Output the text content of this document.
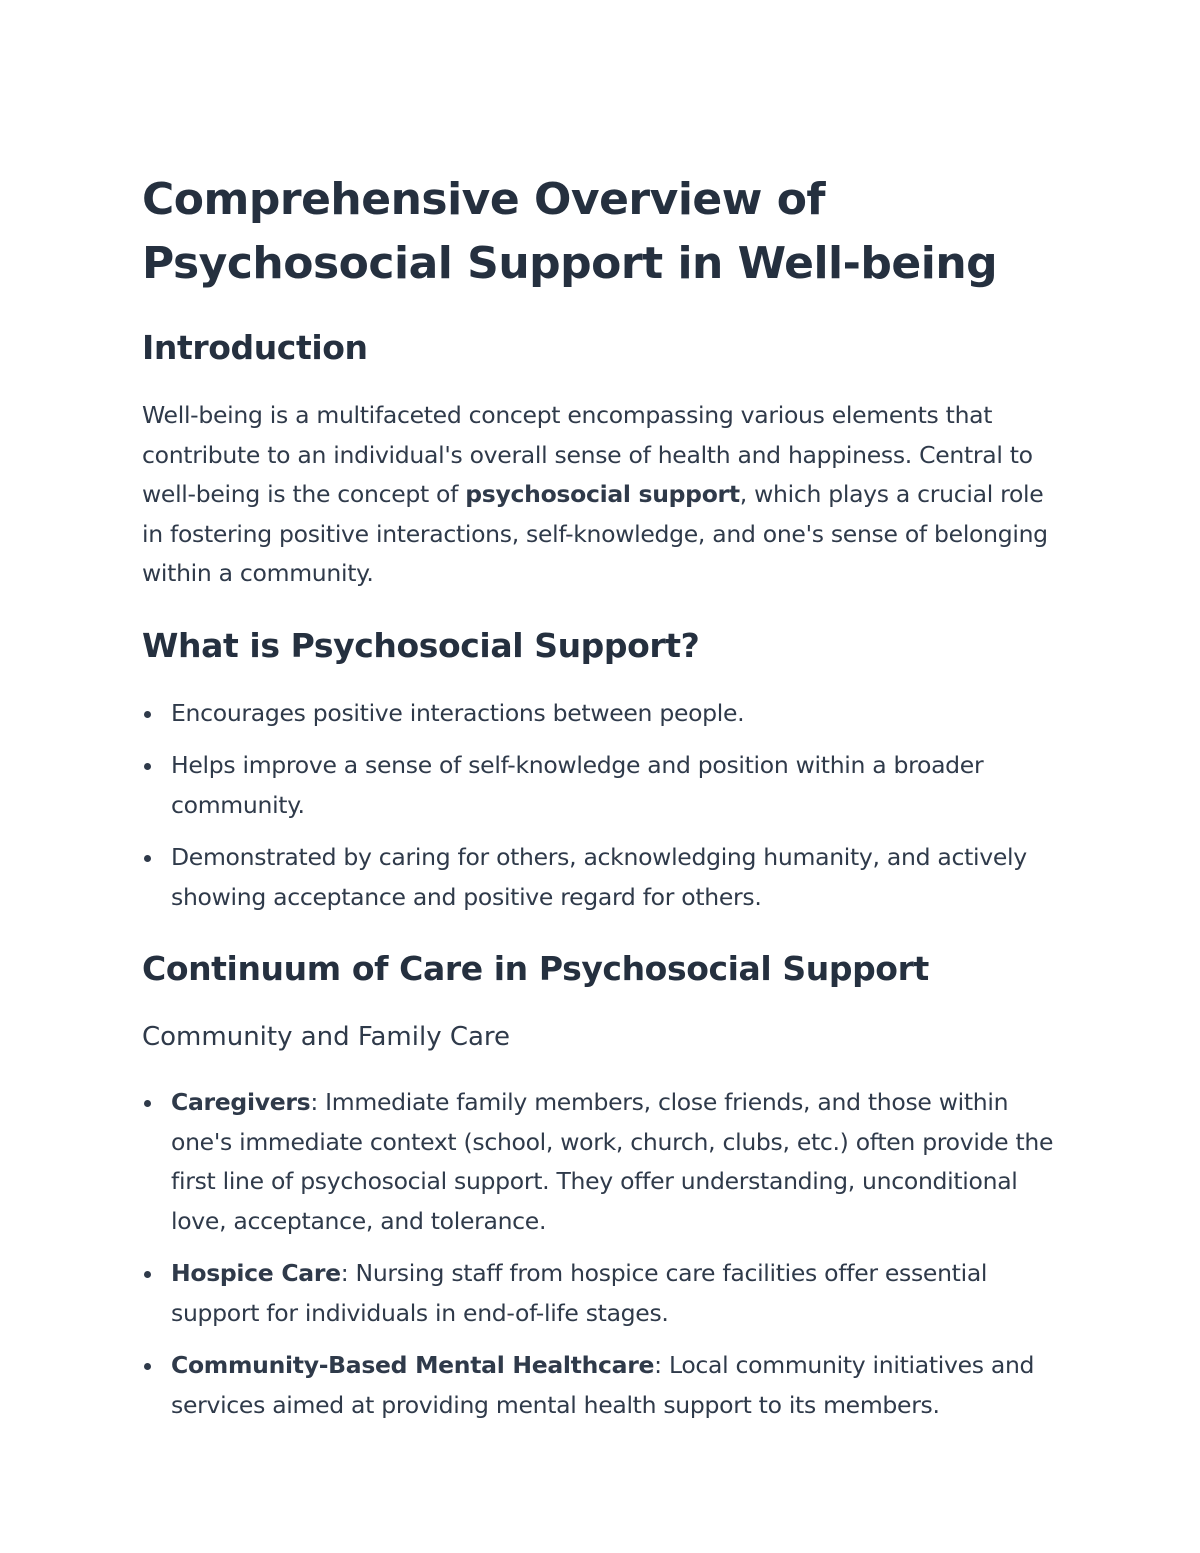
Comprehensive Overview of Psychosocial Support in Well-being
Introduction

Well-being is a multifaceted concept encompassing various elements that contribute to an individual's overall sense of health and happiness. Central to well-being is the concept of psychosocial support, which plays a crucial role in fostering positive interactions, self-knowledge, and one's sense of belonging within a community.

What is Psychosocial Support?
Encourages positive interactions between people.
Helps improve a sense of self-knowledge and position within a broader community.
Demonstrated by caring for others, acknowledging humanity, and actively showing acceptance and positive regard for others.
Continuum of Care in Psychosocial Support
Community and Family Care
Caregivers: Immediate family members, close friends, and those within one's immediate context (school, work, church, clubs, etc.) often provide the first line of psychosocial support. They offer understanding, unconditional love, acceptance, and tolerance.
Hospice Care: Nursing staff from hospice care facilities offer essential support for individuals in end-of-life stages.
Community-Based Mental Healthcare: Local community initiatives and services aimed at providing mental health support to its members.
